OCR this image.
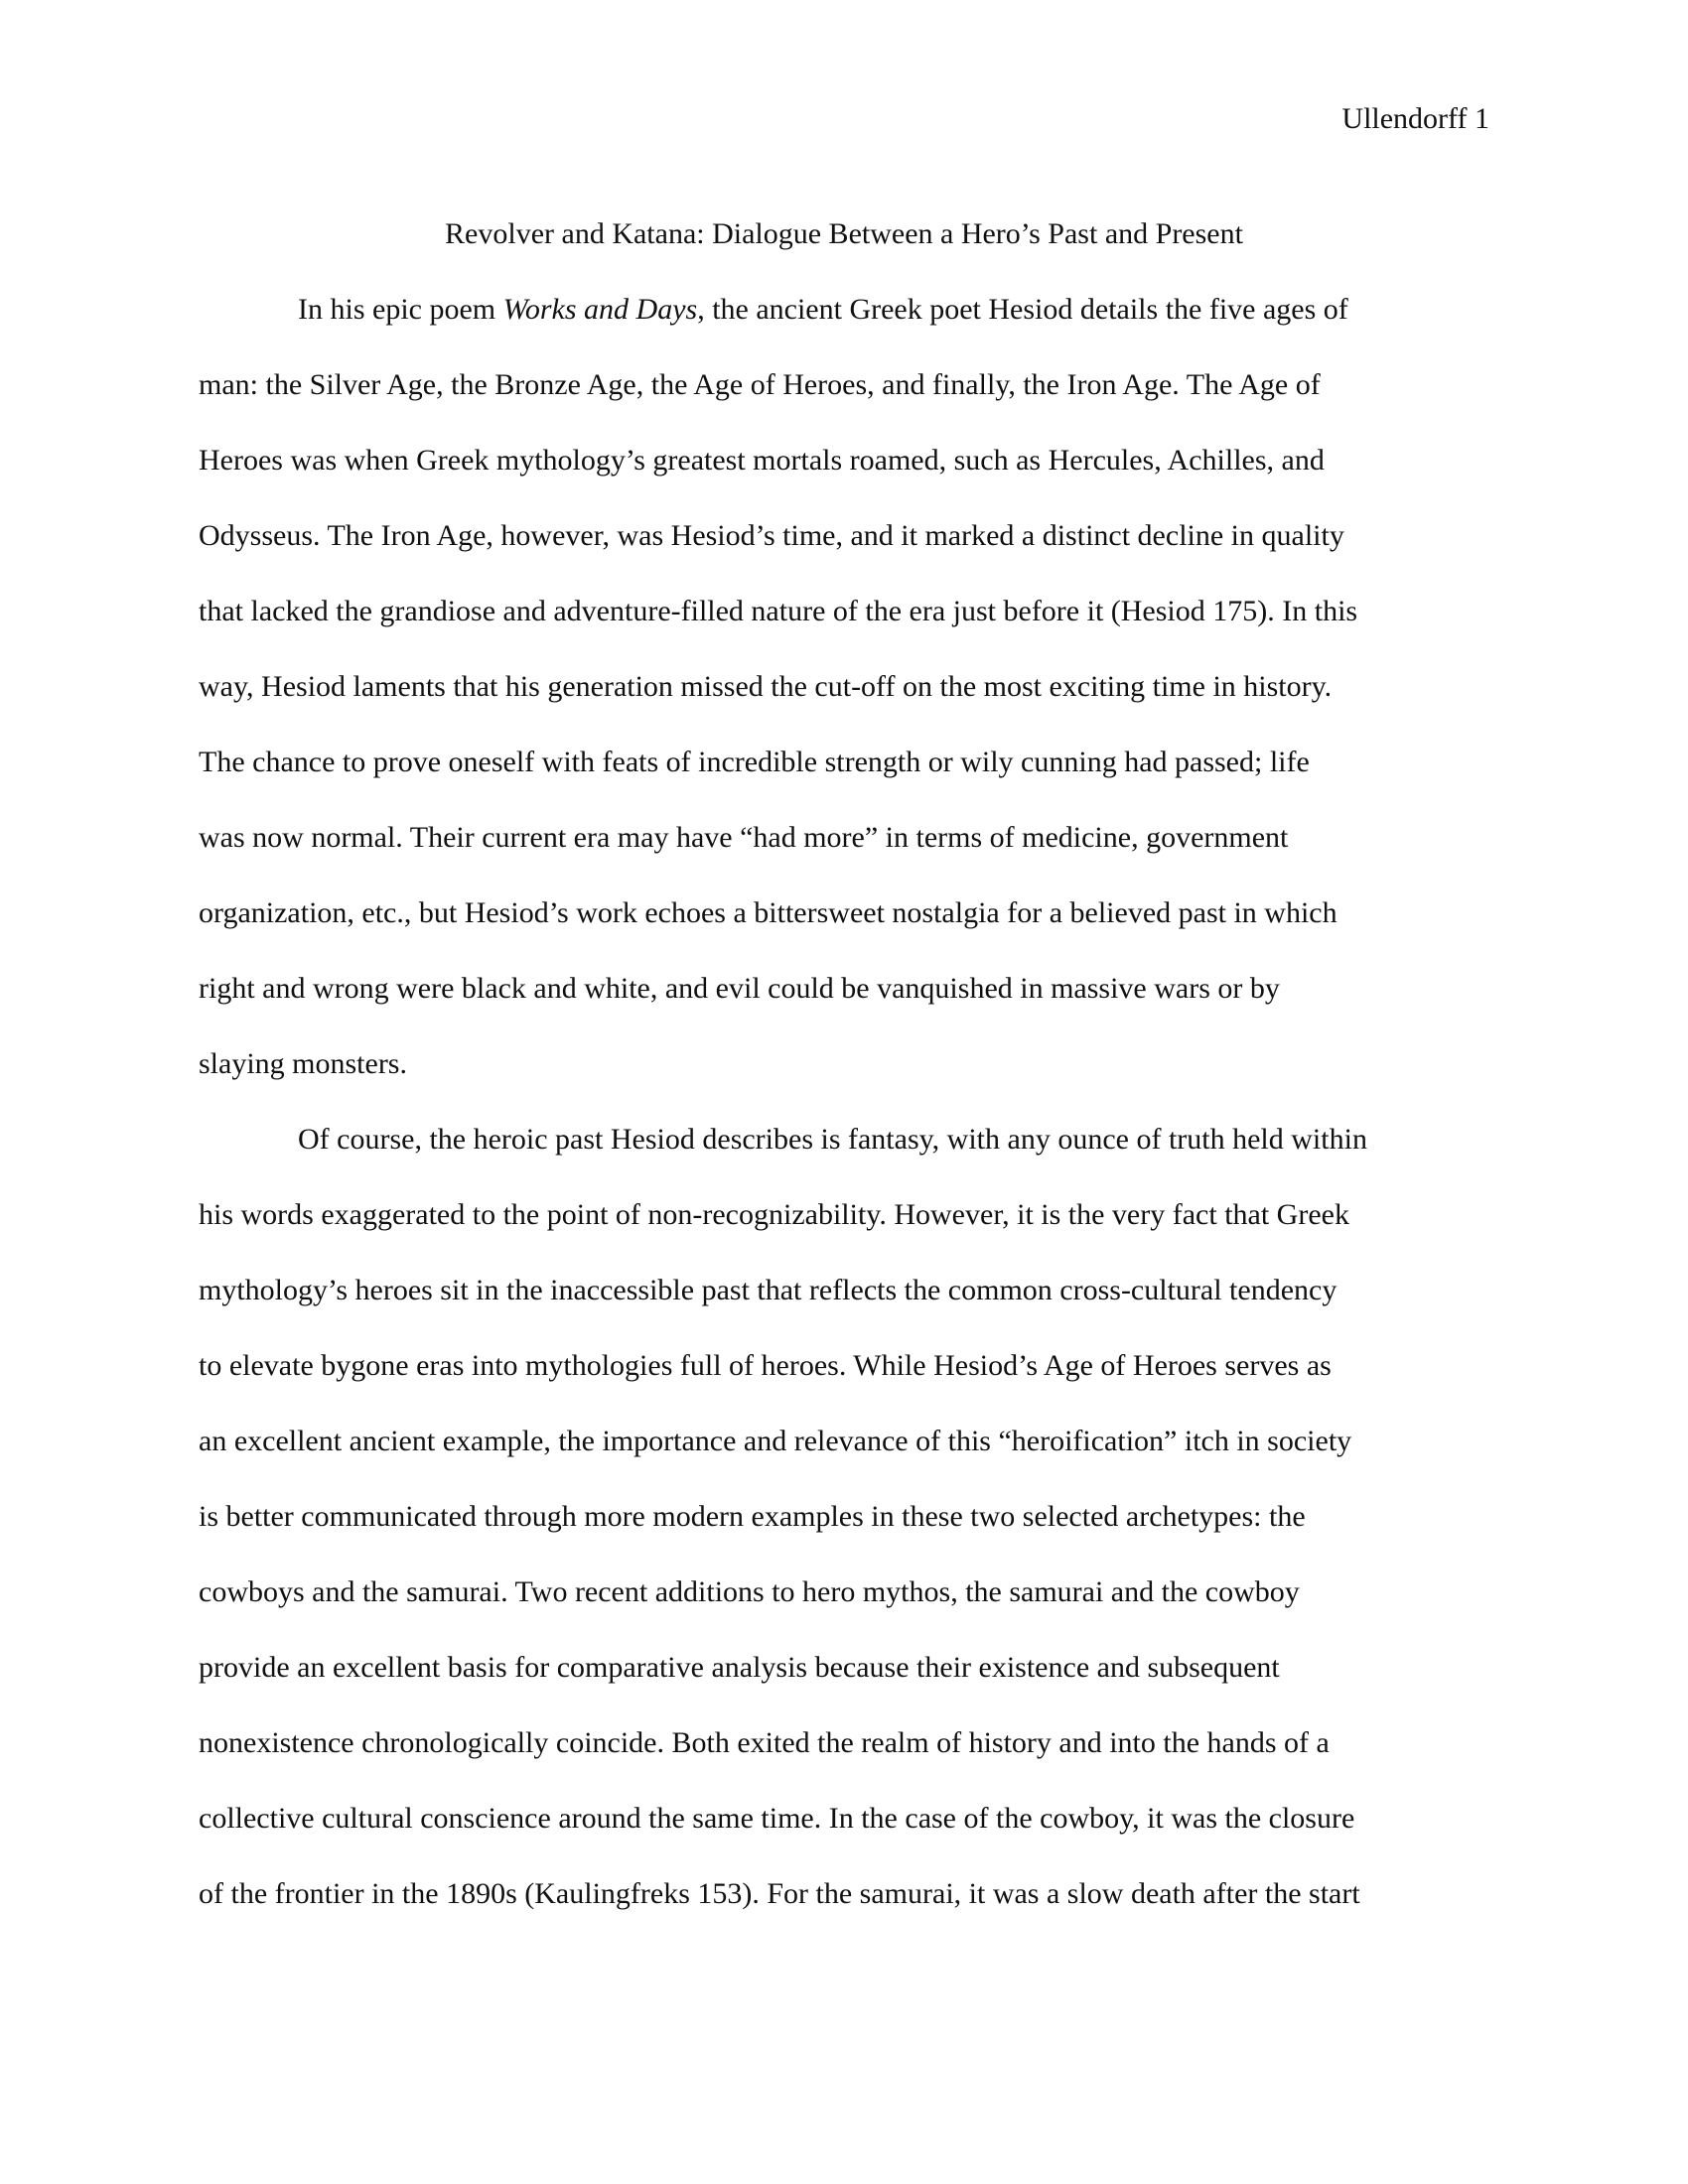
Ullendorff 1

Revolver and Katana: Dialogue Between a Hero’s Past and Present

In his epic poem Works and Days, the ancient Greek poet Hesiod details the five ages of

man: the Silver Age, the Bronze Age, the Age of Heroes, and finally, the Iron Age. The Age of

Heroes was when Greek mythology’s greatest mortals roamed, such as Hercules, Achilles, and

Odysseus. The Iron Age, however, was Hesiod’s time, and it marked a distinct decline in quality

that lacked the grandiose and adventure-filled nature of the era just before it (Hesiod 175). In this

way, Hesiod laments that his generation missed the cut-off on the most exciting time in history.

The chance to prove oneself with feats of incredible strength or wily cunning had passed; life

was now normal. Their current era may have “had more” in terms of medicine, government

organization, etc., but Hesiod’s work echoes a bittersweet nostalgia for a believed past in which

right and wrong were black and white, and evil could be vanquished in massive wars or by

slaying monsters.

Of course, the heroic past Hesiod describes is fantasy, with any ounce of truth held within

his words exaggerated to the point of non-recognizability. However, it is the very fact that Greek

mythology’s heroes sit in the inaccessible past that reflects the common cross-cultural tendency

to elevate bygone eras into mythologies full of heroes. While Hesiod’s Age of Heroes serves as

an excellent ancient example, the importance and relevance of this “heroification” itch in society

is better communicated through more modern examples in these two selected archetypes: the

cowboys and the samurai. Two recent additions to hero mythos, the samurai and the cowboy

provide an excellent basis for comparative analysis because their existence and subsequent

nonexistence chronologically coincide. Both exited the realm of history and into the hands of a

collective cultural conscience around the same time. In the case of the cowboy, it was the closure

of the frontier in the 1890s (Kaulingfreks 153). For the samurai, it was a slow death after the start
